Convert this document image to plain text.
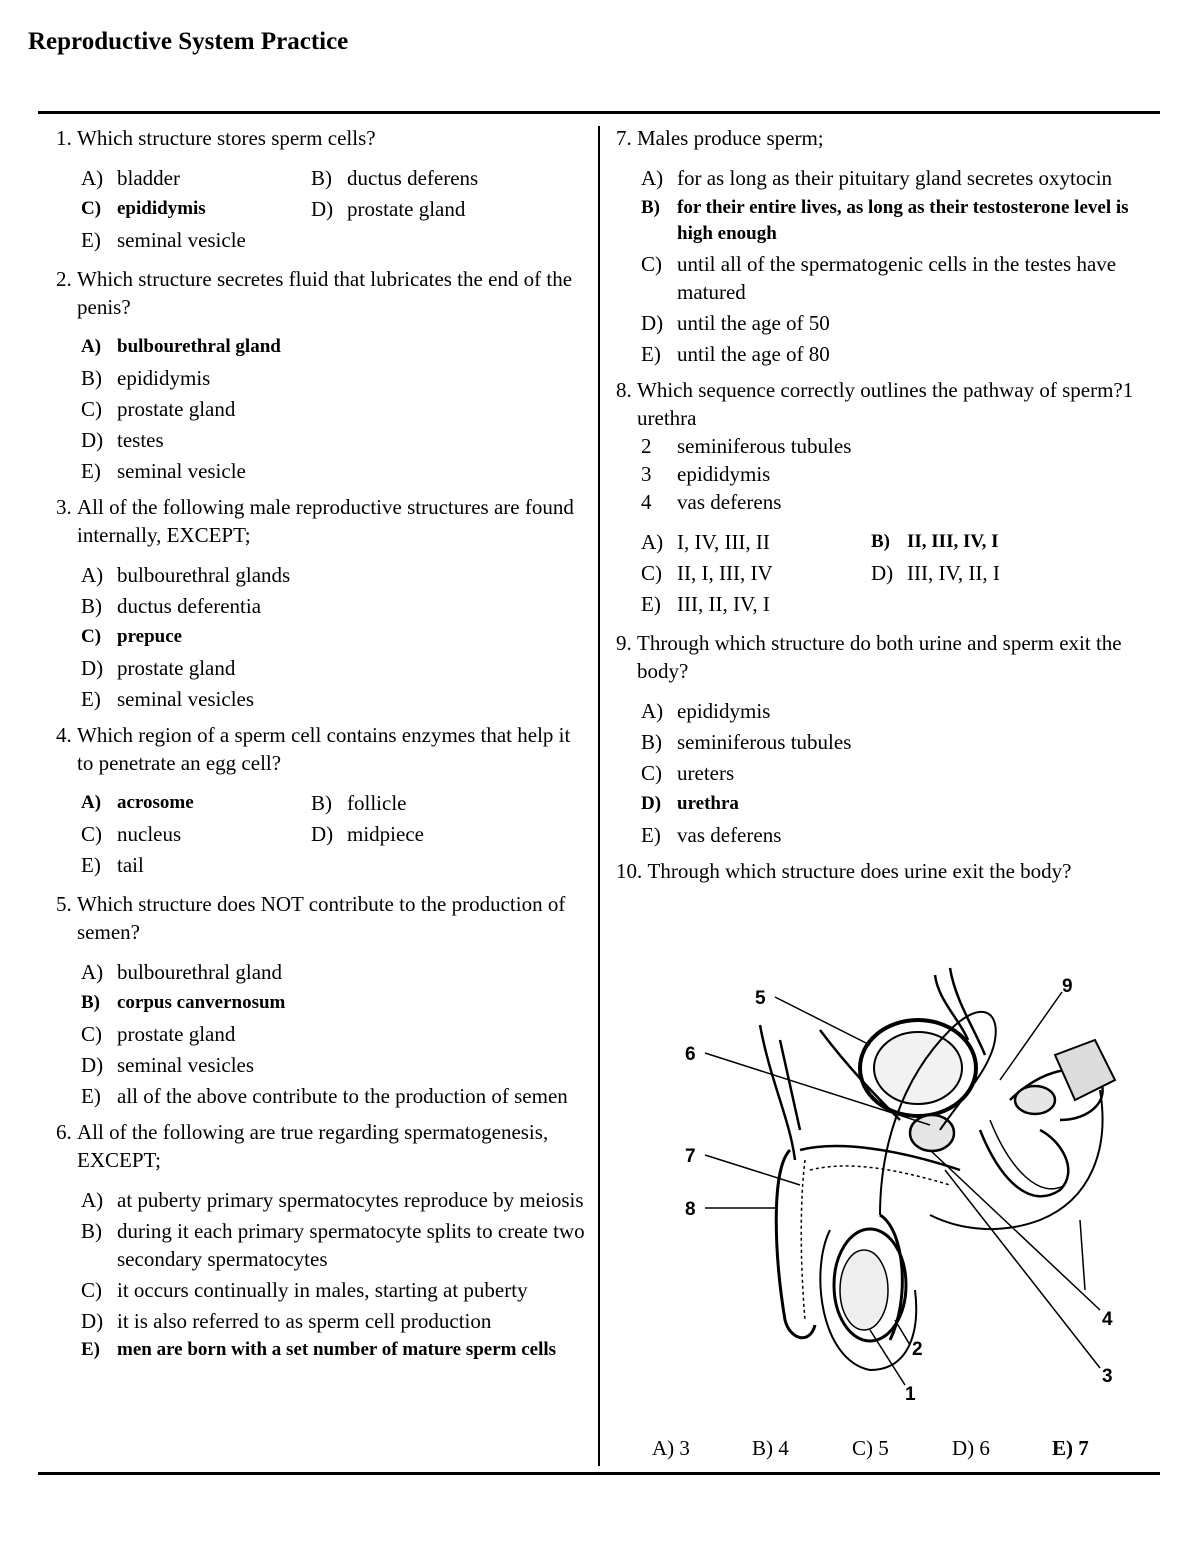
Reproductive System Practice
1. Which structure stores sperm cells?
A) bladder	B) ductus deferens
C) epididymis	D) prostate gland
E) seminal vesicle
2. Which structure secretes fluid that lubricates the end of the penis?
A) bulbourethral gland
B) epididymis
C) prostate gland
D) testes
E) seminal vesicle
3. All of the following male reproductive structures are found internally, EXCEPT;
A) bulbourethral glands
B) ductus deferentia
C) prepuce
D) prostate gland
E) seminal vesicles
4. Which region of a sperm cell contains enzymes that help it to penetrate an egg cell?
A) acrosome	B) follicle
C) nucleus	D) midpiece
E) tail
5. Which structure does NOT contribute to the production of semen?
A) bulbourethral gland
B) corpus canvernosum
C) prostate gland
D) seminal vesicles
E) all of the above contribute to the production of semen
6. All of the following are true regarding spermatogenesis, EXCEPT;
A) at puberty primary spermatocytes reproduce by meiosis
B) during it each primary spermatocyte splits to create two secondary spermatocytes
C) it occurs continually in males, starting at puberty
D) it is also referred to as sperm cell production
E) men are born with a set number of mature sperm cells
7. Males produce sperm;
A) for as long as their pituitary gland secretes oxytocin
B) for their entire lives, as long as their testosterone level is high enough
C) until all of the spermatogenic cells in the testes have matured
D) until the age of 50
E) until the age of 80
8. Which sequence correctly outlines the pathway of sperm?1    urethra
2	seminiferous tubules
3	epididymis
4	vas deferens
A) I, IV, III, II	B) II, III, IV, I
C) II, I, III, IV	D) III, IV, II, I
E) III, II, IV, I
9. Through which structure do both urine and sperm exit the body?
A) epididymis
B) seminiferous tubules
C) ureters
D) urethra
E) vas deferens
10. Through which structure does urine exit the body?
1
2
3
4
5
6
7
8
9
A) 3	B) 4	C) 5	D) 6	E) 7
